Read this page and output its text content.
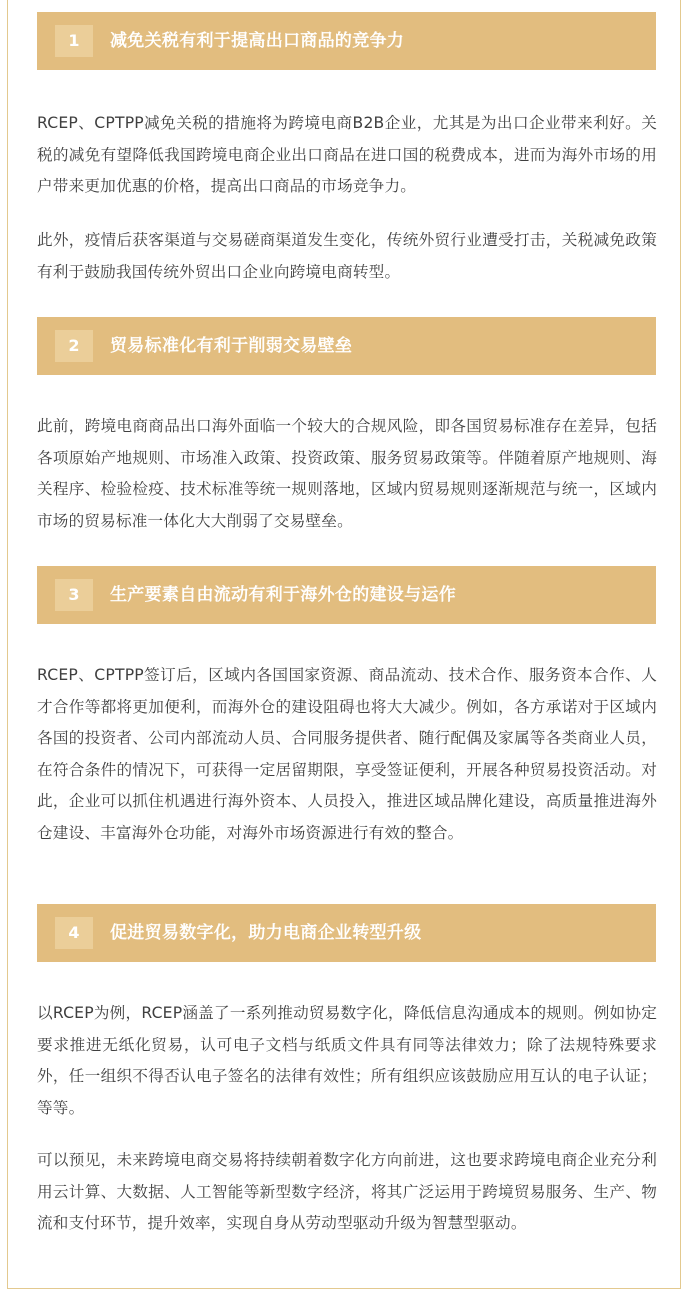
1	减免关税有利于提高出口商品的竞争力

RCEP、CPTPP减免关税的措施将为跨境电商B2B企业，尤其是为出口企业带来利好。关税的减免有望降低我国跨境电商企业出口商品在进口国的税费成本，进而为海外市场的用户带来更加优惠的价格，提高出口商品的市场竞争力。

此外，疫情后获客渠道与交易磋商渠道发生变化，传统外贸行业遭受打击，关税减免政策有利于鼓励我国传统外贸出口企业向跨境电商转型。

2	贸易标准化有利于削弱交易壁垒

此前，跨境电商商品出口海外面临一个较大的合规风险，即各国贸易标准存在差异，包括各项原始产地规则、市场准入政策、投资政策、服务贸易政策等。伴随着原产地规则、海关程序、检验检疫、技术标准等统一规则落地，区域内贸易规则逐渐规范与统一，区域内市场的贸易标准一体化大大削弱了交易壁垒。

3	生产要素自由流动有利于海外仓的建设与运作

RCEP、CPTPP签订后，区域内各国国家资源、商品流动、技术合作、服务资本合作、人才合作等都将更加便利，而海外仓的建设阻碍也将大大减少。例如，各方承诺对于区域内各国的投资者、公司内部流动人员、合同服务提供者、随行配偶及家属等各类商业人员，在符合条件的情况下，可获得一定居留期限，享受签证便利，开展各种贸易投资活动。对此，企业可以抓住机遇进行海外资本、人员投入，推进区域品牌化建设，高质量推进海外仓建设、丰富海外仓功能，对海外市场资源进行有效的整合。

4	促进贸易数字化，助力电商企业转型升级

以RCEP为例，RCEP涵盖了一系列推动贸易数字化，降低信息沟通成本的规则。例如协定要求推进无纸化贸易，认可电子文档与纸质文件具有同等法律效力；除了法规特殊要求外，任一组织不得否认电子签名的法律有效性；所有组织应该鼓励应用互认的电子认证；等等。

可以预见，未来跨境电商交易将持续朝着数字化方向前进，这也要求跨境电商企业充分利用云计算、大数据、人工智能等新型数字经济，将其广泛运用于跨境贸易服务、生产、物流和支付环节，提升效率，实现自身从劳动型驱动升级为智慧型驱动。
